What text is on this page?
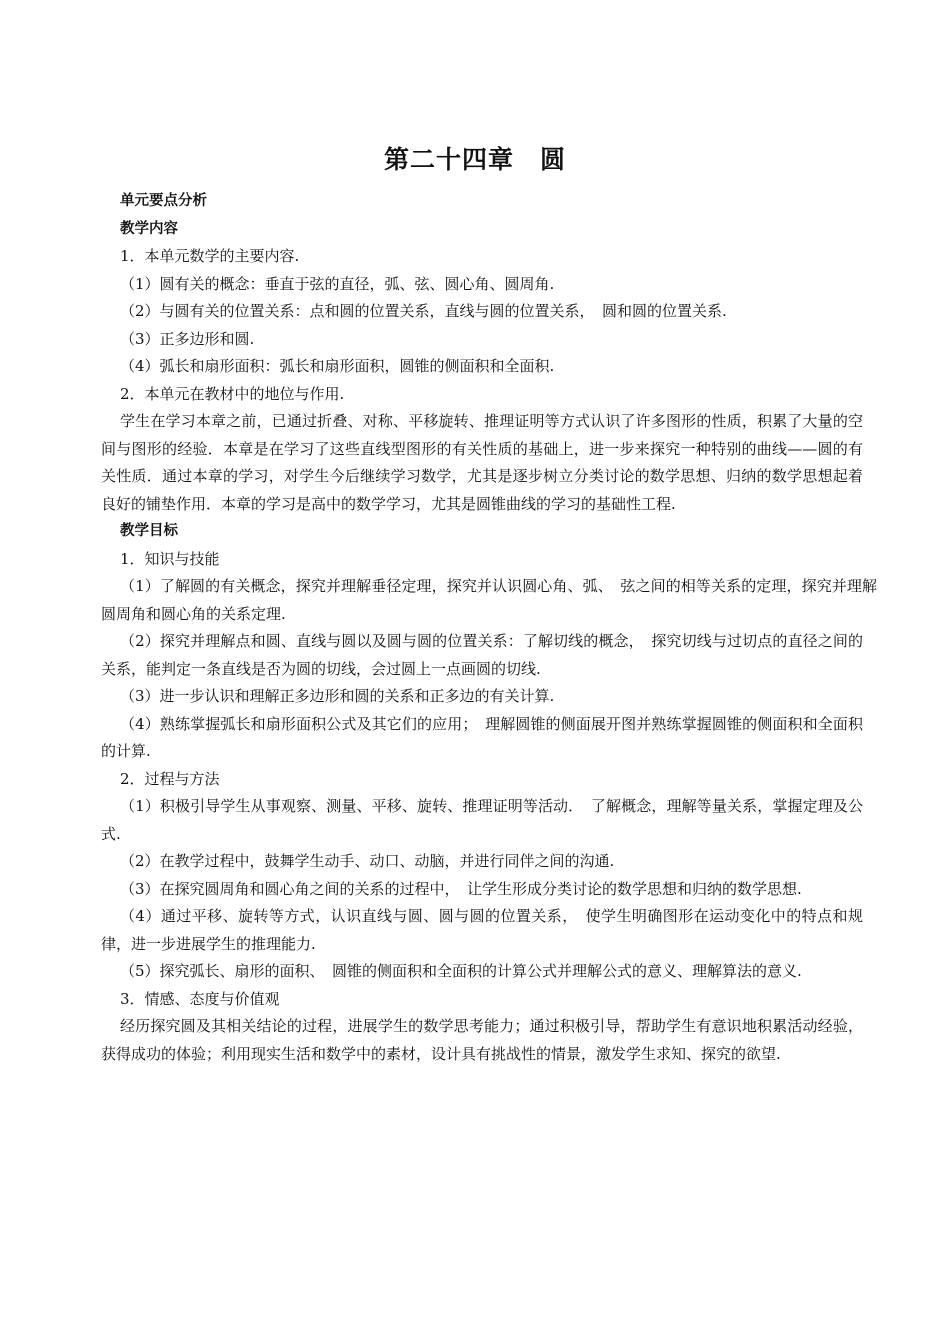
第二十四章　圆

单元要点分析

教学内容

1．本单元数学的主要内容.

（1）圆有关的概念：垂直于弦的直径，弧、弦、圆心角、圆周角.

（2）与圆有关的位置关系：点和圆的位置关系，直线与圆的位置关系，　圆和圆的位置关系.

（3）正多边形和圆.

（4）弧长和扇形面积：弧长和扇形面积，圆锥的侧面积和全面积.

2．本单元在教材中的地位与作用.

学生在学习本章之前，已通过折叠、对称、平移旋转、推理证明等方式认识了许多图形的性质，积累了大量的空间与图形的经验．本章是在学习了这些直线型图形的有关性质的基础上，进一步来探究一种特别的曲线——圆的有关性质．通过本章的学习，对学生今后继续学习数学，尤其是逐步树立分类讨论的数学思想、归纳的数学思想起着良好的铺垫作用．本章的学习是高中的数学学习，尤其是圆锥曲线的学习的基础性工程.

教学目标

1．知识与技能

（1）了解圆的有关概念，探究并理解垂径定理，探究并认识圆心角、弧、　弦之间的相等关系的定理，探究并理解圆周角和圆心角的关系定理.

（2）探究并理解点和圆、直线与圆以及圆与圆的位置关系：了解切线的概念，　探究切线与过切点的直径之间的关系，能判定一条直线是否为圆的切线，会过圆上一点画圆的切线.

（3）进一步认识和理解正多边形和圆的关系和正多边的有关计算.

（4）熟练掌握弧长和扇形面积公式及其它们的应用；　理解圆锥的侧面展开图并熟练掌握圆锥的侧面积和全面积的计算.

2．过程与方法

（1）积极引导学生从事观察、测量、平移、旋转、推理证明等活动．　了解概念，理解等量关系，掌握定理及公式.

（2）在教学过程中，鼓舞学生动手、动口、动脑，并进行同伴之间的沟通.

（3）在探究圆周角和圆心角之间的关系的过程中，　让学生形成分类讨论的数学思想和归纳的数学思想.

（4）通过平移、旋转等方式，认识直线与圆、圆与圆的位置关系，　使学生明确图形在运动变化中的特点和规律，进一步进展学生的推理能力.

（5）探究弧长、扇形的面积、　圆锥的侧面积和全面积的计算公式并理解公式的意义、理解算法的意义.

3．情感、态度与价值观

经历探究圆及其相关结论的过程，进展学生的数学思考能力；通过积极引导，帮助学生有意识地积累活动经验，获得成功的体验；利用现实生活和数学中的素材，设计具有挑战性的情景，激发学生求知、探究的欲望.
